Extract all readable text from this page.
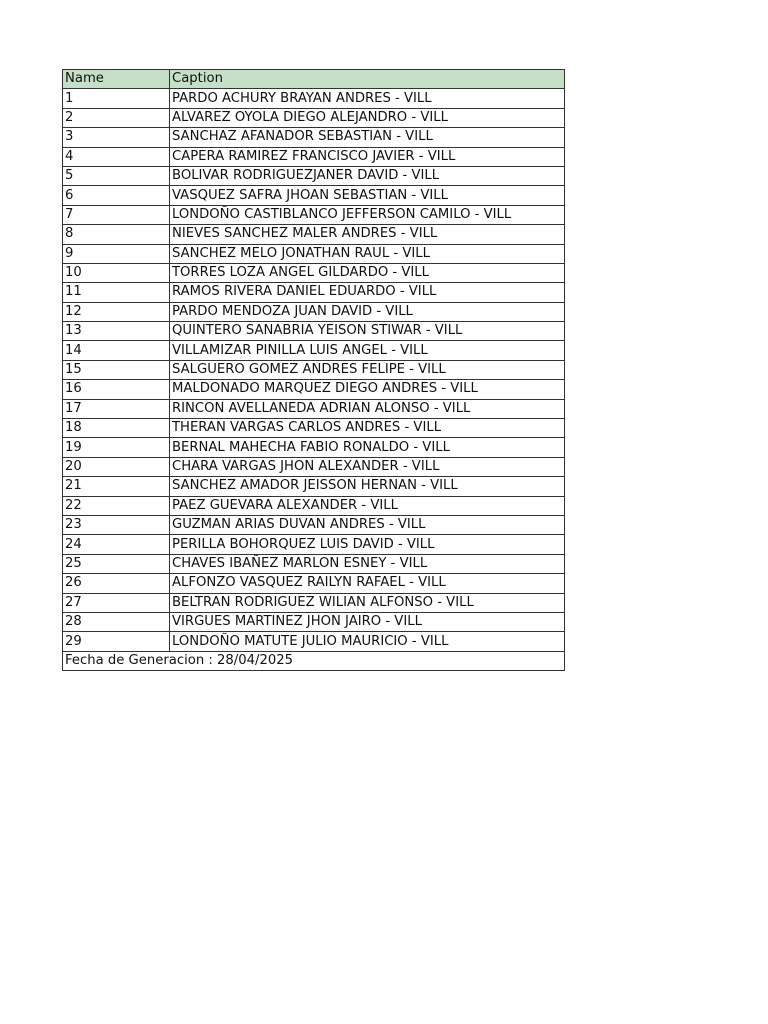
Name	Caption
1	PARDO ACHURY BRAYAN ANDRES - VILL
2	ALVAREZ OYOLA DIEGO ALEJANDRO - VILL
3	SANCHAZ AFANADOR SEBASTIAN - VILL
4	CAPERA RAMIREZ FRANCISCO JAVIER - VILL
5	BOLIVAR RODRIGUEZJANER DAVID - VILL
6	VASQUEZ SAFRA JHOAN SEBASTIAN - VILL
7	LONDOÑO CASTIBLANCO JEFFERSON CAMILO - VILL
8	NIEVES SANCHEZ MALER ANDRES - VILL
9	SANCHEZ MELO JONATHAN RAUL - VILL
10	TORRES LOZA ANGEL GILDARDO - VILL
11	RAMOS RIVERA DANIEL EDUARDO - VILL
12	PARDO MENDOZA JUAN DAVID - VILL
13	QUINTERO SANABRIA YEISON STIWAR - VILL
14	VILLAMIZAR PINILLA LUIS ANGEL - VILL
15	SALGUERO GOMEZ ANDRES FELIPE - VILL
16	MALDONADO MARQUEZ DIEGO ANDRES - VILL
17	RINCON AVELLANEDA ADRIAN ALONSO - VILL
18	THERAN VARGAS CARLOS ANDRES - VILL
19	BERNAL MAHECHA FABIO RONALDO - VILL
20	CHARA VARGAS JHON ALEXANDER - VILL
21	SANCHEZ AMADOR JEISSON HERNAN - VILL
22	PAEZ GUEVARA ALEXANDER - VILL
23	GUZMAN ARIAS DUVAN ANDRES - VILL
24	PERILLA BOHORQUEZ LUIS DAVID - VILL
25	CHAVES IBAÑEZ MARLON ESNEY - VILL
26	ALFONZO VASQUEZ RAILYN RAFAEL - VILL
27	BELTRAN RODRIGUEZ WILIAN ALFONSO - VILL
28	VIRGUES MARTINEZ JHON JAIRO - VILL
29	LONDOÑO MATUTE JULIO MAURICIO - VILL
Fecha de Generacion : 28/04/2025	
